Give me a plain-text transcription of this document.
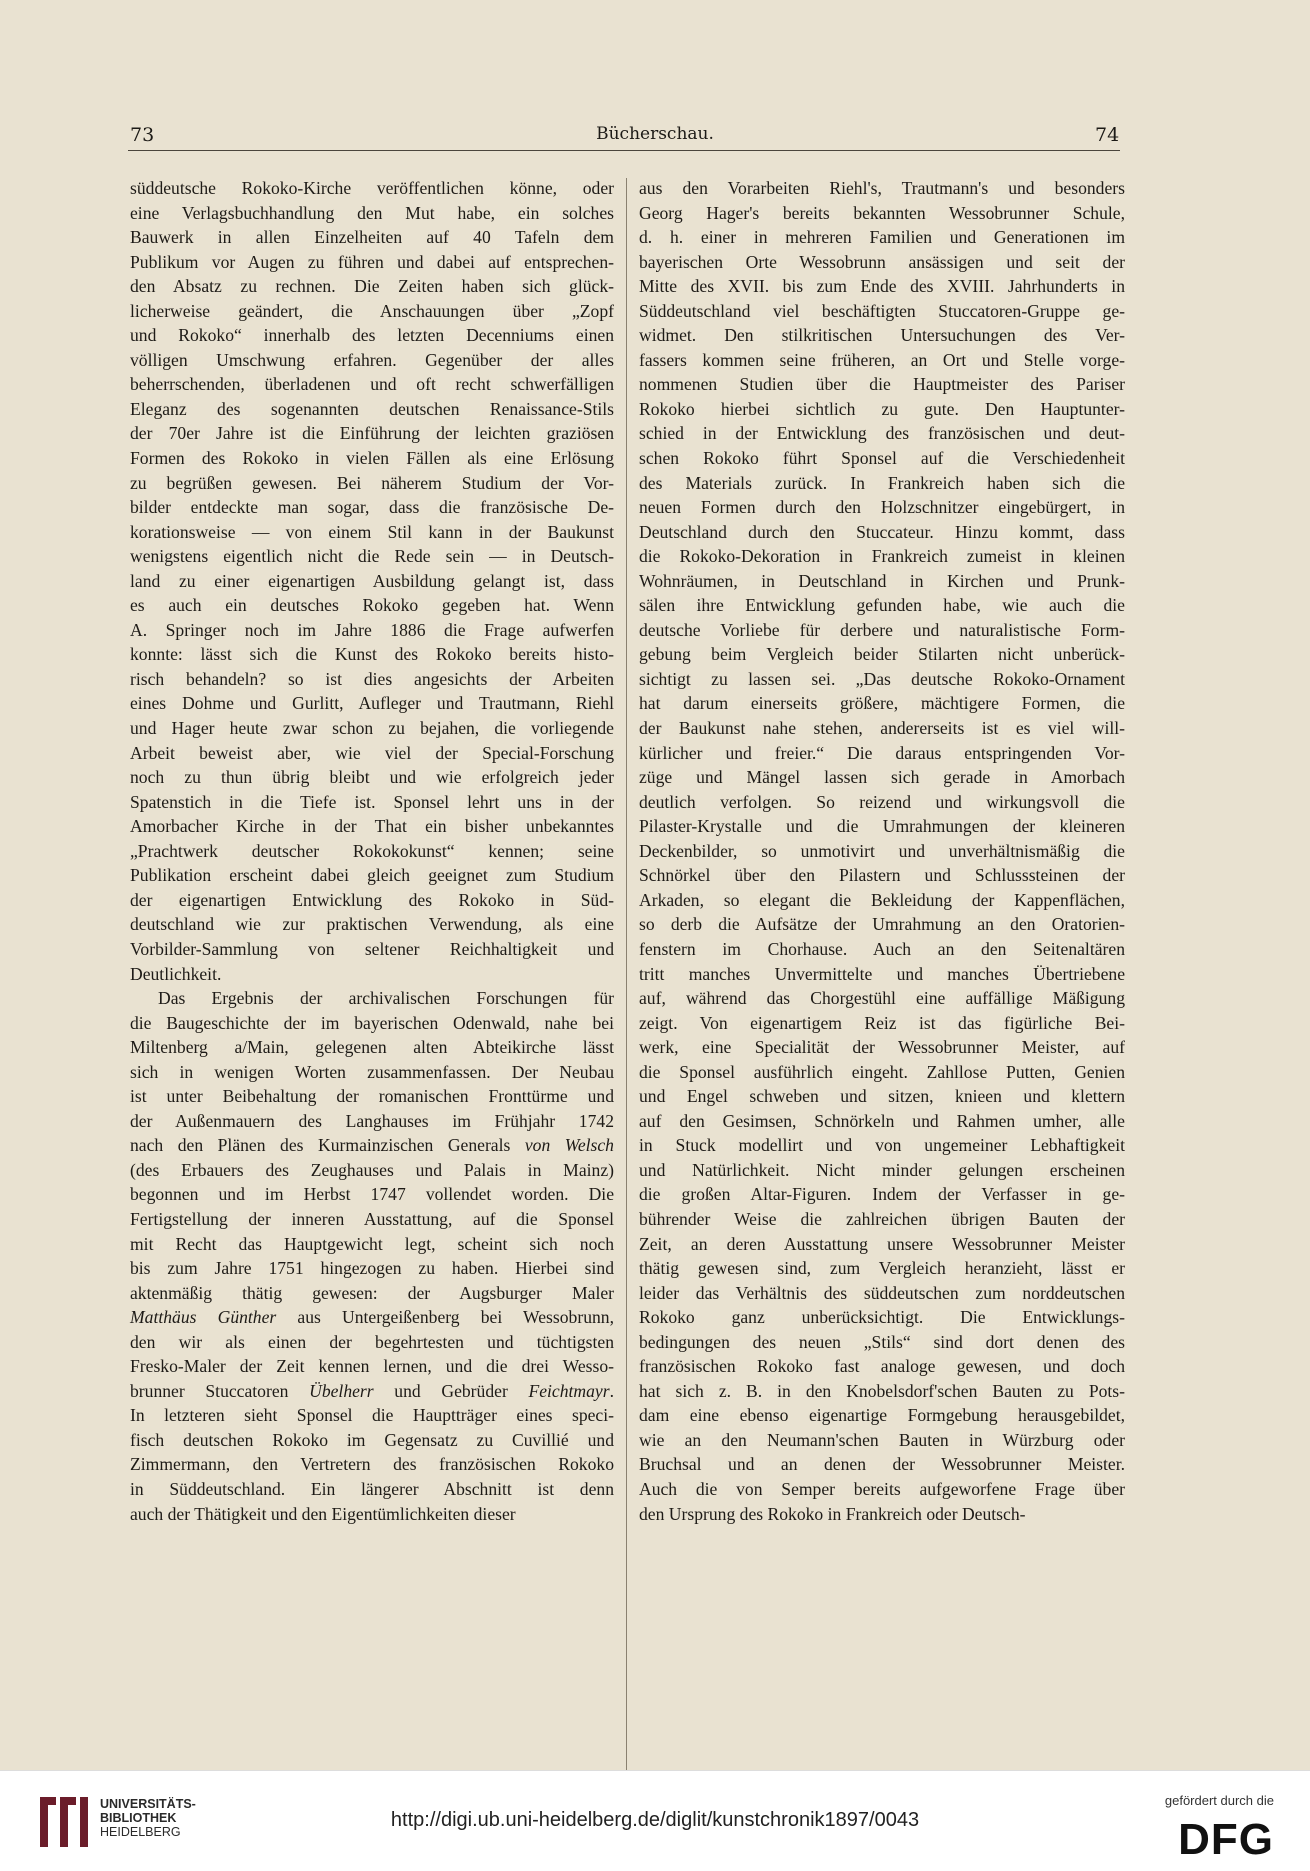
73	Bücherschau.	74
süddeutsche Rokoko-Kirche veröffentlichen könne, oder
eine Verlagsbuchhandlung den Mut habe, ein solches
Bauwerk in allen Einzelheiten auf 40 Tafeln dem
Publikum vor Augen zu führen und dabei auf entsprechen-
den Absatz zu rechnen. Die Zeiten haben sich glück-
licherweise geändert, die Anschauungen über „Zopf
und Rokoko“ innerhalb des letzten Decenniums einen
völligen Umschwung erfahren. Gegenüber der alles
beherrschenden, überladenen und oft recht schwerfälligen
Eleganz des sogenannten deutschen Renaissance-Stils
der 70er Jahre ist die Einführung der leichten graziösen
Formen des Rokoko in vielen Fällen als eine Erlösung
zu begrüßen gewesen. Bei näherem Studium der Vor-
bilder entdeckte man sogar, dass die französische De-
korationsweise — von einem Stil kann in der Baukunst
wenigstens eigentlich nicht die Rede sein — in Deutsch-
land zu einer eigenartigen Ausbildung gelangt ist, dass
es auch ein deutsches Rokoko gegeben hat. Wenn
A. Springer noch im Jahre 1886 die Frage aufwerfen
konnte: lässt sich die Kunst des Rokoko bereits histo-
risch behandeln? so ist dies angesichts der Arbeiten
eines Dohme und Gurlitt, Aufleger und Trautmann, Riehl
und Hager heute zwar schon zu bejahen, die vorliegende
Arbeit beweist aber, wie viel der Special-Forschung
noch zu thun übrig bleibt und wie erfolgreich jeder
Spatenstich in die Tiefe ist. Sponsel lehrt uns in der
Amorbacher Kirche in der That ein bisher unbekanntes
„Prachtwerk deutscher Rokokokunst“ kennen; seine
Publikation erscheint dabei gleich geeignet zum Studium
der eigenartigen Entwicklung des Rokoko in Süd-
deutschland wie zur praktischen Verwendung, als eine
Vorbilder-Sammlung von seltener Reichhaltigkeit und
Deutlichkeit.
Das Ergebnis der archivalischen Forschungen für
die Baugeschichte der im bayerischen Odenwald, nahe bei
Miltenberg a/Main, gelegenen alten Abteikirche lässt
sich in wenigen Worten zusammenfassen. Der Neubau
ist unter Beibehaltung der romanischen Fronttürme und
der Außenmauern des Langhauses im Frühjahr 1742
nach den Plänen des Kurmainzischen Generals von Welsch
(des Erbauers des Zeughauses und Palais in Mainz)
begonnen und im Herbst 1747 vollendet worden. Die
Fertigstellung der inneren Ausstattung, auf die Sponsel
mit Recht das Hauptgewicht legt, scheint sich noch
bis zum Jahre 1751 hingezogen zu haben. Hierbei sind
aktenmäßig thätig gewesen: der Augsburger Maler
Matthäus Günther aus Untergeißenberg bei Wessobrunn,
den wir als einen der begehrtesten und tüchtigsten
Fresko-Maler der Zeit kennen lernen, und die drei Wesso-
brunner Stuccatoren Übelherr und Gebrüder Feichtmayr.
In letzteren sieht Sponsel die Hauptträger eines speci-
fisch deutschen Rokoko im Gegensatz zu Cuvillié und
Zimmermann, den Vertretern des französischen Rokoko
in Süddeutschland. Ein längerer Abschnitt ist denn
auch der Thätigkeit und den Eigentümlichkeiten dieser
aus den Vorarbeiten Riehl's, Trautmann's und besonders
Georg Hager's bereits bekannten Wessobrunner Schule,
d. h. einer in mehreren Familien und Generationen im
bayerischen Orte Wessobrunn ansässigen und seit der
Mitte des XVII. bis zum Ende des XVIII. Jahrhunderts in
Süddeutschland viel beschäftigten Stuccatoren-Gruppe ge-
widmet. Den stilkritischen Untersuchungen des Ver-
fassers kommen seine früheren, an Ort und Stelle vorge-
nommenen Studien über die Hauptmeister des Pariser
Rokoko hierbei sichtlich zu gute. Den Hauptunter-
schied in der Entwicklung des französischen und deut-
schen Rokoko führt Sponsel auf die Verschiedenheit
des Materials zurück. In Frankreich haben sich die
neuen Formen durch den Holzschnitzer eingebürgert, in
Deutschland durch den Stuccateur. Hinzu kommt, dass
die Rokoko-Dekoration in Frankreich zumeist in kleinen
Wohnräumen, in Deutschland in Kirchen und Prunk-
sälen ihre Entwicklung gefunden habe, wie auch die
deutsche Vorliebe für derbere und naturalistische Form-
gebung beim Vergleich beider Stilarten nicht unberück-
sichtigt zu lassen sei. „Das deutsche Rokoko-Ornament
hat darum einerseits größere, mächtigere Formen, die
der Baukunst nahe stehen, andererseits ist es viel will-
kürlicher und freier.“ Die daraus entspringenden Vor-
züge und Mängel lassen sich gerade in Amorbach
deutlich verfolgen. So reizend und wirkungsvoll die
Pilaster-Krystalle und die Umrahmungen der kleineren
Deckenbilder, so unmotivirt und unverhältnismäßig die
Schnörkel über den Pilastern und Schlusssteinen der
Arkaden, so elegant die Bekleidung der Kappenflächen,
so derb die Aufsätze der Umrahmung an den Oratorien-
fenstern im Chorhause. Auch an den Seitenaltären
tritt manches Unvermittelte und manches Übertriebene
auf, während das Chorgestühl eine auffällige Mäßigung
zeigt. Von eigenartigem Reiz ist das figürliche Bei-
werk, eine Specialität der Wessobrunner Meister, auf
die Sponsel ausführlich eingeht. Zahllose Putten, Genien
und Engel schweben und sitzen, knieen und klettern
auf den Gesimsen, Schnörkeln und Rahmen umher, alle
in Stuck modellirt und von ungemeiner Lebhaftigkeit
und Natürlichkeit. Nicht minder gelungen erscheinen
die großen Altar-Figuren. Indem der Verfasser in ge-
bührender Weise die zahlreichen übrigen Bauten der
Zeit, an deren Ausstattung unsere Wessobrunner Meister
thätig gewesen sind, zum Vergleich heranzieht, lässt er
leider das Verhältnis des süddeutschen zum norddeutschen
Rokoko ganz unberücksichtigt. Die Entwicklungs-
bedingungen des neuen „Stils“ sind dort denen des
französischen Rokoko fast analoge gewesen, und doch
hat sich z. B. in den Knobelsdorf'schen Bauten zu Pots-
dam eine ebenso eigenartige Formgebung herausgebildet,
wie an den Neumann'schen Bauten in Würzburg oder
Bruchsal und an denen der Wessobrunner Meister.
Auch die von Semper bereits aufgeworfene Frage über
den Ursprung des Rokoko in Frankreich oder Deutsch-
UNIVERSITÄTS-
BIBLIOTHEK
HEIDELBERG
http://digi.ub.uni-heidelberg.de/diglit/kunstchronik1897/0043
gefördert durch die
DFG
